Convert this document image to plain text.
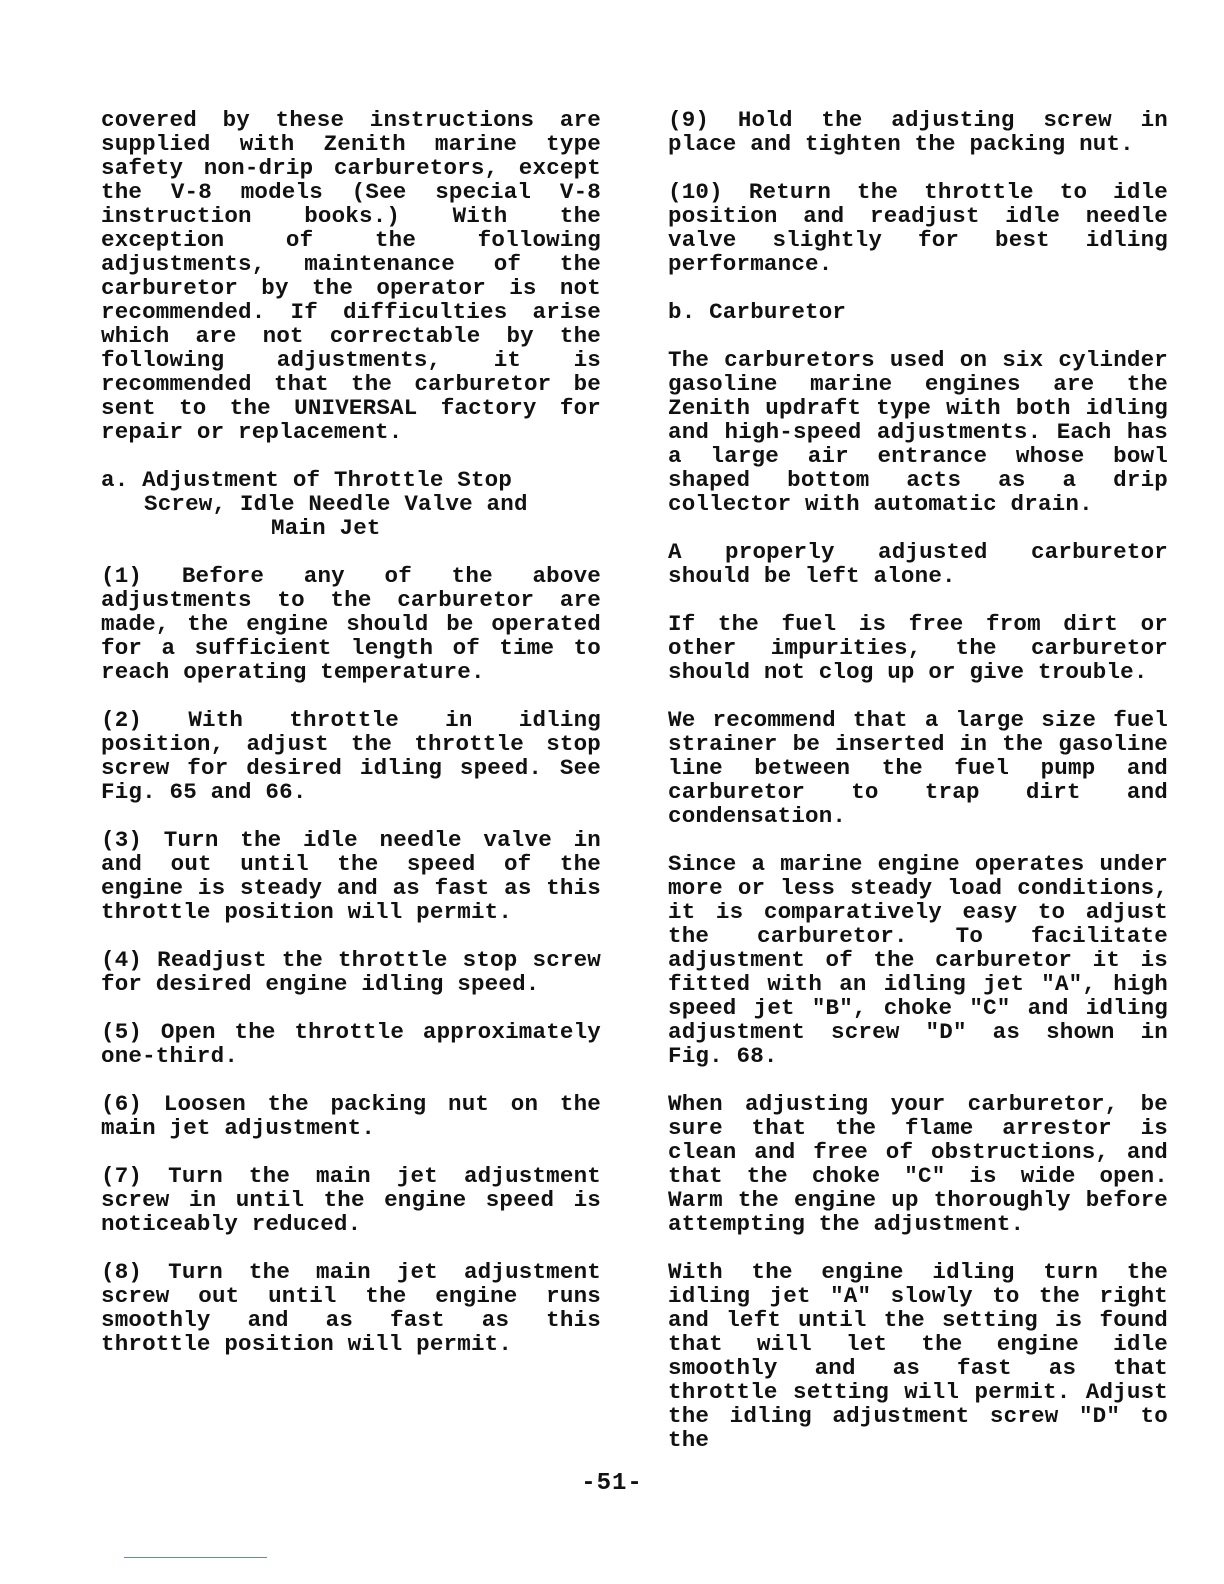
covered by these instructions are supplied with Zenith marine type safety non-drip carburetors, except the V-8 models (See special V-8 instruction books.) With the exception of the following adjustments, maintenance of the carburetor by the operator is not recommended. If difficulties arise which are not correctable by the following adjustments, it is recommended that the carburetor be sent to the UNIVERSAL factory for repair or replacement.

a. Adjustment of Throttle Stop
Screw, Idle Needle Valve and
Main Jet

(1) Before any of the above adjustments to the carburetor are made, the engine should be operated for a sufficient length of time to reach operating temperature.

(2) With throttle in idling position, adjust the throttle stop screw for desired idling speed. See Fig. 65 and 66.

(3) Turn the idle needle valve in and out until the speed of the engine is steady and as fast as this throttle position will permit.

(4) Readjust the throttle stop screw for desired engine idling speed.

(5) Open the throttle approximately one-third.

(6) Loosen the packing nut on the main jet adjustment.

(7) Turn the main jet adjustment screw in until the engine speed is noticeably reduced.

(8) Turn the main jet adjustment screw out until the engine runs smoothly and as fast as this throttle position will permit.

(9) Hold the adjusting screw in place and tighten the packing nut.

(10) Return the throttle to idle position and readjust idle needle valve slightly for best idling performance.

b. Carburetor

The carburetors used on six cylinder gasoline marine engines are the Zenith updraft type with both idling and high-speed adjustments. Each has a large air entrance whose bowl shaped bottom acts as a drip collector with automatic drain.

A properly adjusted carburetor should be left alone.

If the fuel is free from dirt or other impurities, the carburetor should not clog up or give trouble.

We recommend that a large size fuel strainer be inserted in the gasoline line between the fuel pump and carburetor to trap dirt and condensation.

Since a marine engine operates under more or less steady load conditions, it is comparatively easy to adjust the carburetor. To facilitate adjustment of the carburetor it is fitted with an idling jet "A", high speed jet "B", choke "C" and idling adjustment screw "D" as shown in Fig. 68.

When adjusting your carburetor, be sure that the flame arrestor is clean and free of obstructions, and that the choke "C" is wide open. Warm the engine up thoroughly before attempting the adjustment.

With the engine idling turn the idling jet "A" slowly to the right and left until the setting is found that will let the engine idle smoothly and as fast as that throttle setting will permit. Adjust the idling adjustment screw "D" to the

-51-
